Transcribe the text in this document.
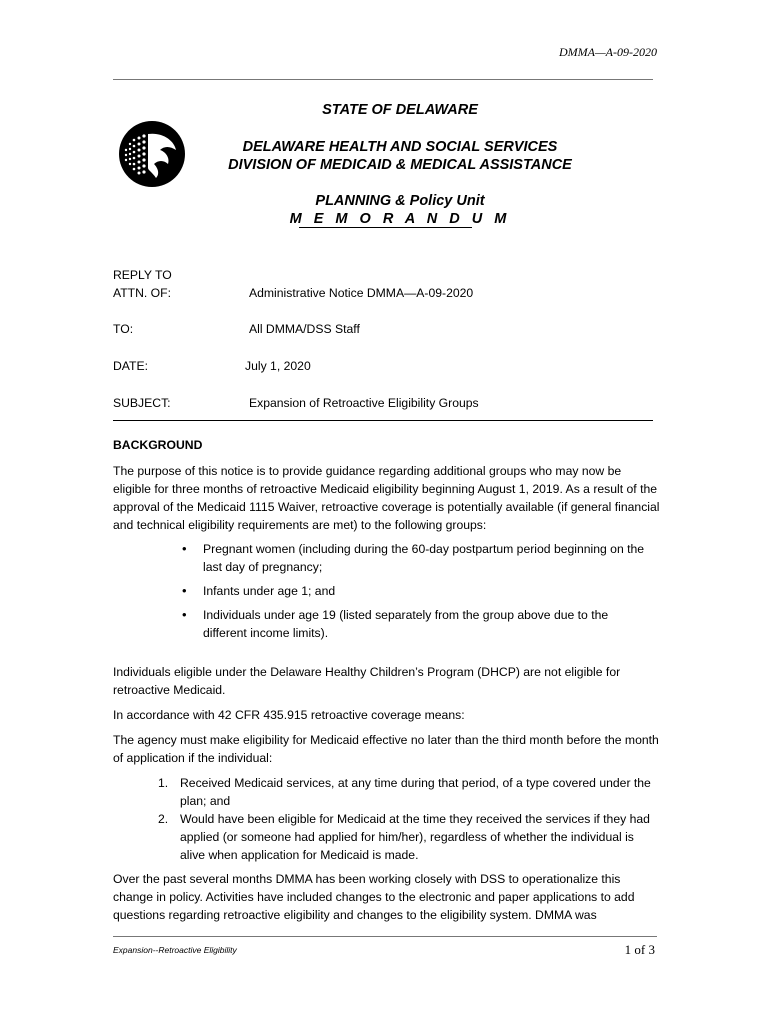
DMMA—A-09-2020
STATE OF DELAWARE
DELAWARE HEALTH AND SOCIAL SERVICES
DIVISION OF MEDICAID & MEDICAL ASSISTANCE
PLANNING & Policy Unit
M E M O R A N D U M
REPLY TO
ATTN. OF:	Administrative Notice DMMA—A-09-2020
TO:	All DMMA/DSS Staff
DATE:	July 1, 2020
SUBJECT:	Expansion of Retroactive Eligibility Groups
BACKGROUND
The purpose of this notice is to provide guidance regarding additional groups who may now be eligible for three months of retroactive Medicaid eligibility beginning August 1, 2019. As a result of the approval of the Medicaid 1115 Waiver, retroactive coverage is potentially available (if general financial and technical eligibility requirements are met) to the following groups:
• Pregnant women (including during the 60-day postpartum period beginning on the last day of pregnancy;
• Infants under age 1; and
• Individuals under age 19 (listed separately from the group above due to the different income limits).
Individuals eligible under the Delaware Healthy Children’s Program (DHCP) are not eligible for retroactive Medicaid.
In accordance with 42 CFR 435.915 retroactive coverage means:
The agency must make eligibility for Medicaid effective no later than the third month before the month of application if the individual:
1. Received Medicaid services, at any time during that period, of a type covered under the plan; and
2. Would have been eligible for Medicaid at the time they received the services if they had applied (or someone had applied for him/her), regardless of whether the individual is alive when application for Medicaid is made.
Over the past several months DMMA has been working closely with DSS to operationalize this change in policy. Activities have included changes to the electronic and paper applications to add questions regarding retroactive eligibility and changes to the eligibility system. DMMA was
Expansion--Retroactive Eligibility	1 of 3
